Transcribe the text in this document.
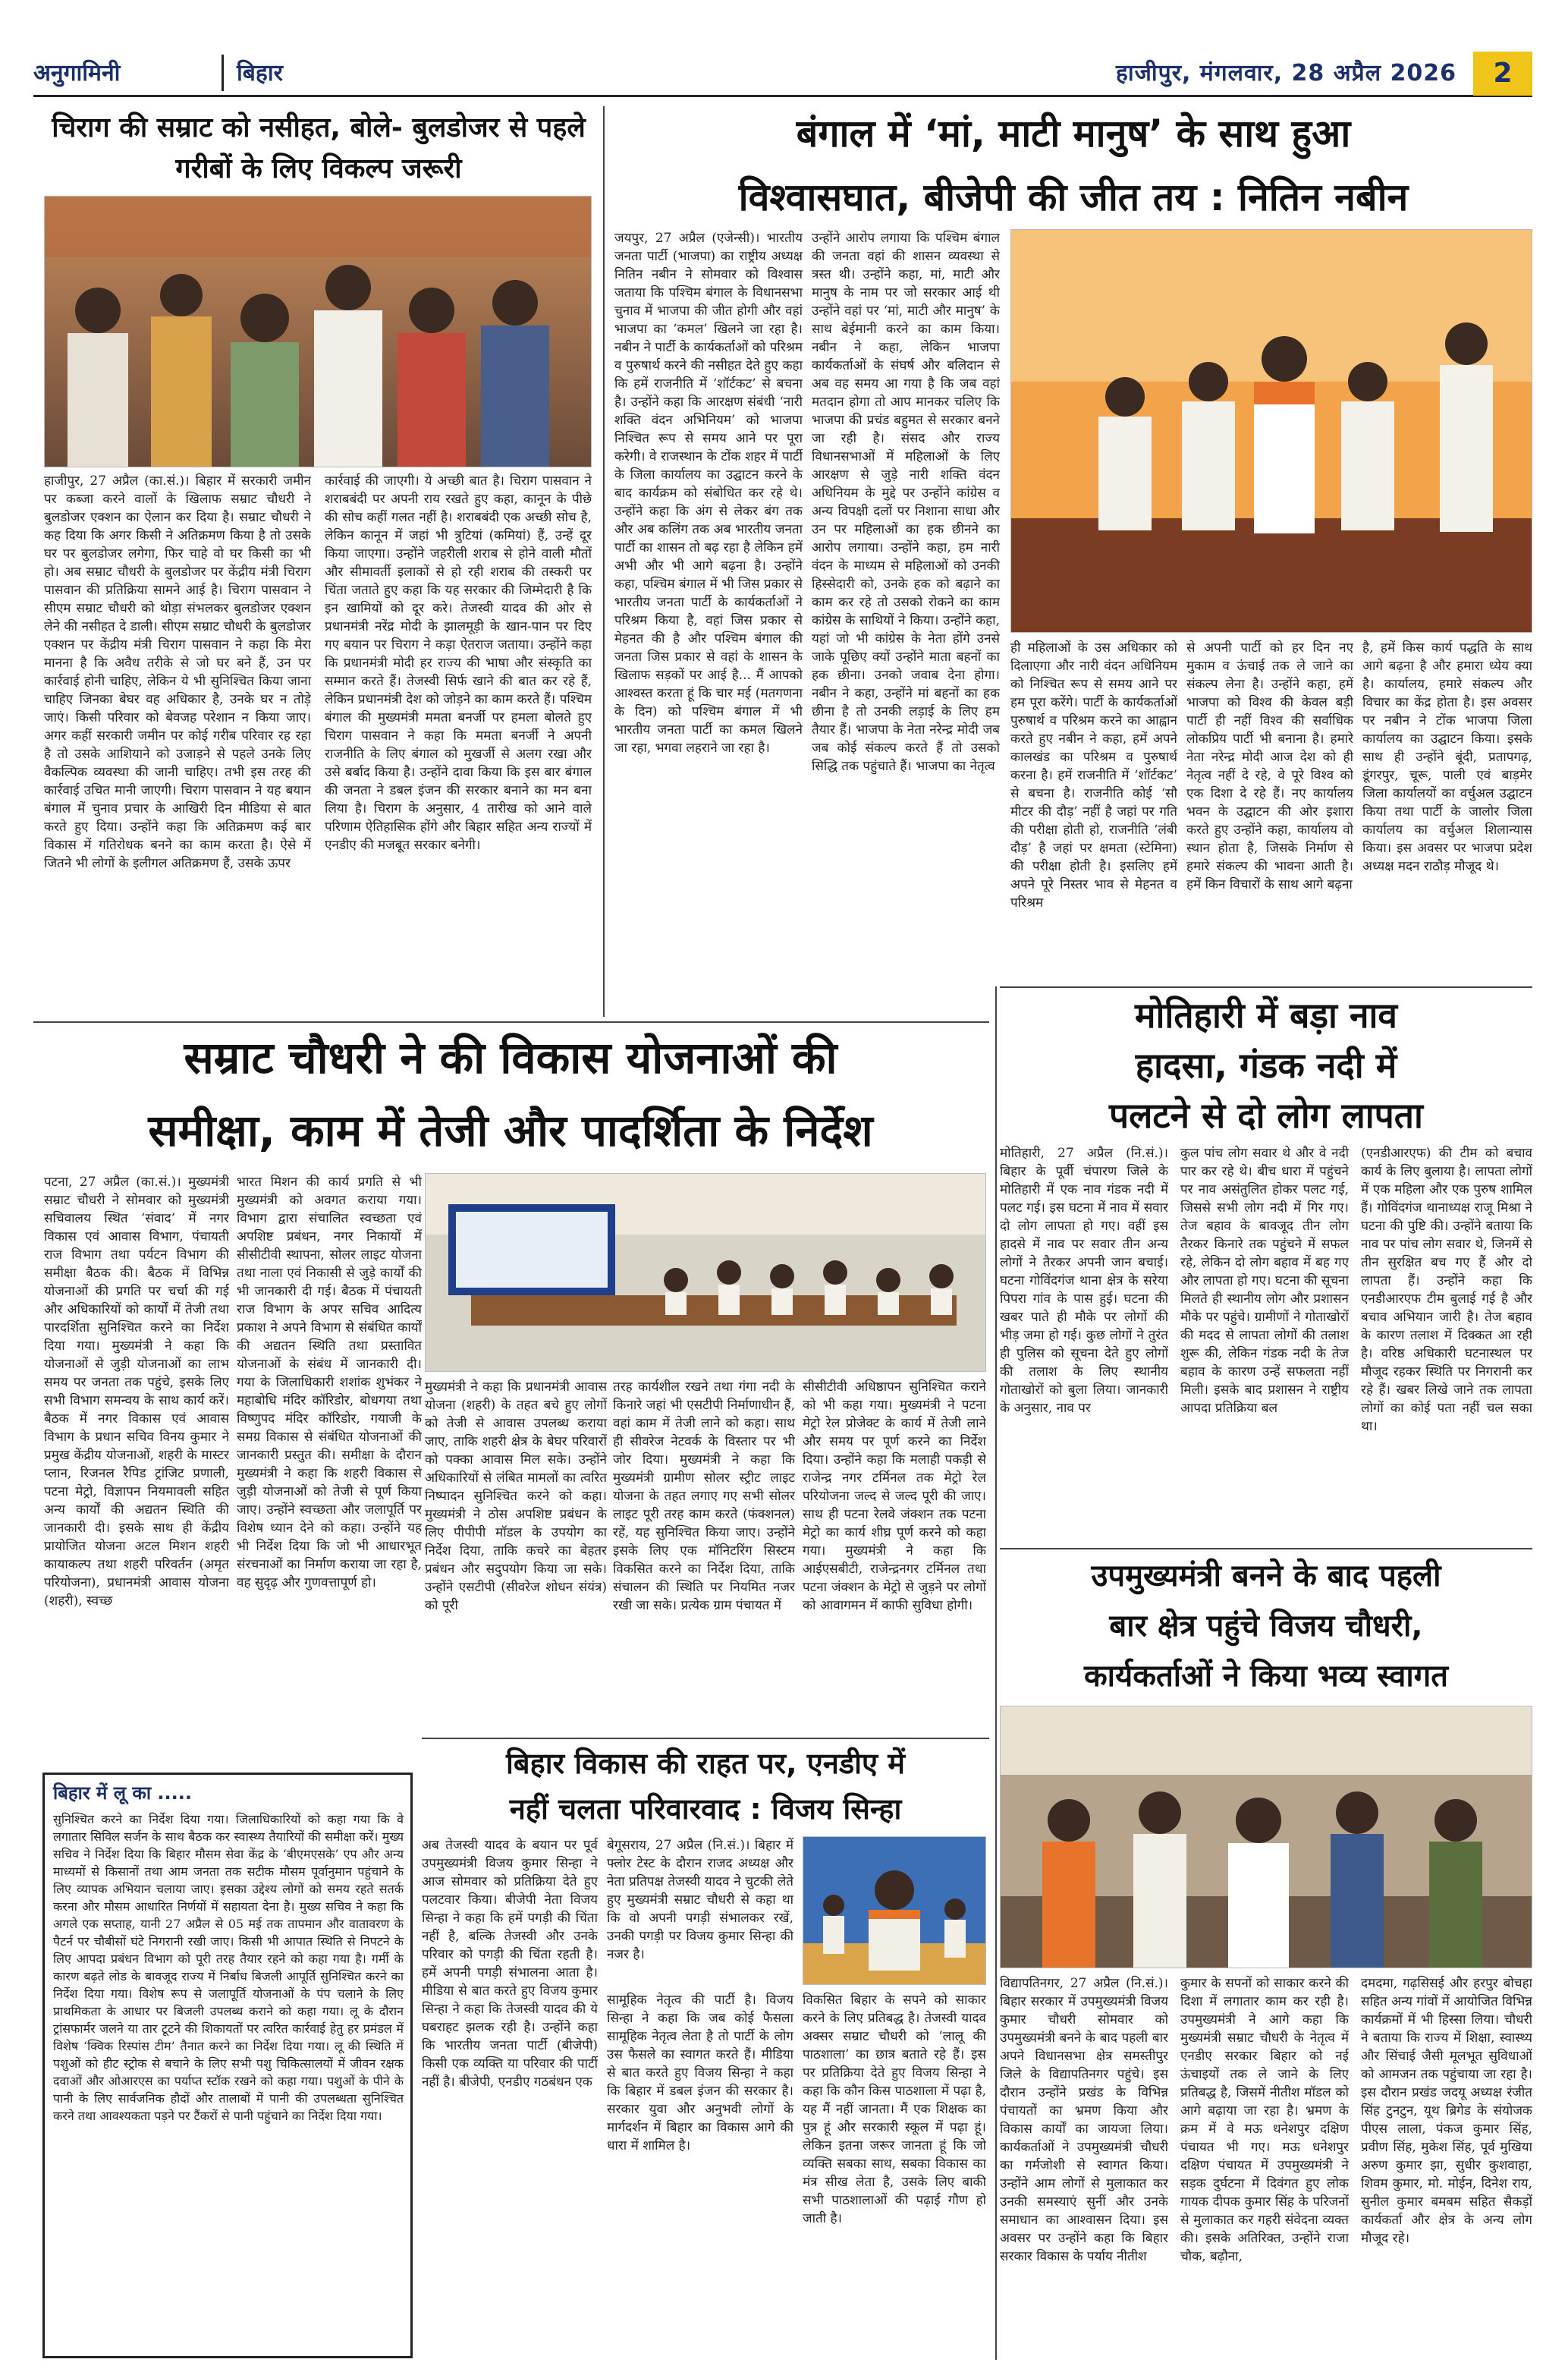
अनुगामिनी	बिहार	हाजीपुर, मंगलवार, 28 अप्रैल 2026	2
चिराग की सम्राट को नसीहत, बोले- बुलडोजर से पहले गरीबों के लिए विकल्प जरूरी
हाजीपुर, 27 अप्रैल (का.सं.)। बिहार में सरकारी जमीन पर कब्जा करने वालों के खिलाफ सम्राट चौधरी ने बुलडोजर एक्शन का ऐलान कर दिया है। सम्राट चौधरी ने कह दिया कि अगर किसी ने अतिक्रमण किया है तो उसके घर पर बुलडोजर लगेगा, फिर चाहे वो घर किसी का भी हो। अब सम्राट चौधरी के बुलडोजर पर केंद्रीय मंत्री चिराग पासवान की प्रतिक्रिया सामने आई है। चिराग पासवान ने सीएम सम्राट चौधरी को थोड़ा संभलकर बुलडोजर एक्शन लेने की नसीहत दे डाली। सीएम सम्राट चौधरी के बुलडोजर एक्शन पर केंद्रीय मंत्री चिराग पासवान ने कहा कि मेरा मानना है कि अवैध तरीके से जो घर बने हैं, उन पर कार्रवाई होनी चाहिए, लेकिन ये भी सुनिश्चित किया जाना चाहिए जिनका बेघर वह अधिकार है, उनके घर न तोड़े जाएं। किसी परिवार को बेवजह परेशान न किया जाए। अगर कहीं सरकारी जमीन पर कोई गरीब परिवार रह रहा है तो उसके आशियाने को उजाड़ने से पहले उनके लिए वैकल्पिक व्यवस्था की जानी चाहिए। तभी इस तरह की कार्रवाई उचित मानी जाएगी। चिराग पासवान ने यह बयान बंगाल में चुनाव प्रचार के आखिरी दिन मीडिया से बात करते हुए दिया। उन्होंने कहा कि अतिक्रमण कई बार विकास में गतिरोधक बनने का काम करता है। ऐसे में जितने भी लोगों के इलीगल अतिक्रमण हैं, उसके ऊपर
कार्रवाई की जाएगी। ये अच्छी बात है। चिराग पासवान ने शराबबंदी पर अपनी राय रखते हुए कहा, कानून के पीछे की सोच कहीं गलत नहीं है। शराबबंदी एक अच्छी सोच है, लेकिन कानून में जहां भी त्रुटियां (कमियां) हैं, उन्हें दूर किया जाएगा। उन्होंने जहरीली शराब से होने वाली मौतों और सीमावर्ती इलाकों से हो रही शराब की तस्करी पर चिंता जताते हुए कहा कि यह सरकार की जिम्मेदारी है कि इन खामियों को दूर करे। तेजस्वी यादव की ओर से प्रधानमंत्री नरेंद्र मोदी के झालमूड़ी के खान-पान पर दिए गए बयान पर चिराग ने कड़ा ऐतराज जताया। उन्होंने कहा कि प्रधानमंत्री मोदी हर राज्य की भाषा और संस्कृति का सम्मान करते हैं। तेजस्वी सिर्फ खाने की बात कर रहे हैं, लेकिन प्रधानमंत्री देश को जोड़ने का काम करते हैं। पश्चिम बंगाल की मुख्यमंत्री ममता बनर्जी पर हमला बोलते हुए चिराग पासवान ने कहा कि ममता बनर्जी ने अपनी राजनीति के लिए बंगाल को मुखर्जी से अलग रखा और उसे बर्बाद किया है। उन्होंने दावा किया कि इस बार बंगाल की जनता ने डबल इंजन की सरकार बनाने का मन बना लिया है। चिराग के अनुसार, 4 तारीख को आने वाले परिणाम ऐतिहासिक होंगे और बिहार सहित अन्य राज्यों में एनडीए की मजबूत सरकार बनेगी।
बंगाल में ‘मां, माटी मानुष’ के साथ हुआ
विश्वासघात, बीजेपी की जीत तय : नितिन नबीन
जयपुर, 27 अप्रैल (एजेन्सी)। भारतीय जनता पार्टी (भाजपा) का राष्ट्रीय अध्यक्ष नितिन नबीन ने सोमवार को विश्वास जताया कि पश्चिम बंगाल के विधानसभा चुनाव में भाजपा की जीत होगी और वहां भाजपा का ‘कमल’ खिलने जा रहा है। नबीन ने पार्टी के कार्यकर्ताओं को परिश्रम व पुरुषार्थ करने की नसीहत देते हुए कहा कि हमें राजनीति में ‘शॉर्टकट’ से बचना है। उन्होंने कहा कि आरक्षण संबंधी ‘नारी शक्ति वंदन अभिनियम’ को भाजपा निश्चित रूप से समय आने पर पूरा करेगी। वे राजस्थान के टोंक शहर में पार्टी के जिला कार्यालय का उद्घाटन करने के बाद कार्यक्रम को संबोधित कर रहे थे। उन्होंने कहा कि अंग से लेकर बंग तक और अब कलिंग तक अब भारतीय जनता पार्टी का शासन तो बढ़ रहा है लेकिन हमें अभी और भी आगे बढ़ना है। उन्होंने कहा, पश्चिम बंगाल में भी जिस प्रकार से भारतीय जनता पार्टी के कार्यकर्ताओं ने परिश्रम किया है, वहां जिस प्रकार से मेहनत की है और पश्चिम बंगाल की जनता जिस प्रकार से वहां के शासन के खिलाफ सड़कों पर आई है... मैं आपको आश्वस्त करता हूं कि चार मई (मतगणना के दिन) को पश्चिम बंगाल में भी भारतीय जनता पार्टी का कमल खिलने जा रहा, भगवा लहराने जा रहा है।
उन्होंने आरोप लगाया कि पश्चिम बंगाल की जनता वहां की शासन व्यवस्था से त्रस्त थी। उन्होंने कहा, मां, माटी और मानुष के नाम पर जो सरकार आई थी उन्होंने वहां पर ‘मां, माटी और मानुष’ के साथ बेईमानी करने का काम किया। नबीन ने कहा, लेकिन भाजपा कार्यकर्ताओं के संघर्ष और बलिदान से अब वह समय आ गया है कि जब वहां मतदान होगा तो आप मानकर चलिए कि भाजपा की प्रचंड बहुमत से सरकार बनने जा रही है। संसद और राज्य विधानसभाओं में महिलाओं के लिए आरक्षण से जुड़े नारी शक्ति वंदन अधिनियम के मुद्दे पर उन्होंने कांग्रेस व अन्य विपक्षी दलों पर निशाना साधा और उन पर महिलाओं का हक छीनने का आरोप लगाया। उन्होंने कहा, हम नारी वंदन के माध्यम से महिलाओं को उनकी हिस्सेदारी को, उनके हक को बढ़ाने का काम कर रहे तो उसको रोकने का काम कांग्रेस के साथियों ने किया। उन्होंने कहा, यहां जो भी कांग्रेस के नेता होंगे उनसे जाके पूछिए क्यों उन्होंने माता बहनों का हक छीना। उनको जवाब देना होगा। नबीन ने कहा, उन्होंने मां बहनों का हक छीना है तो उनकी लड़ाई के लिए हम तैयार हैं। भाजपा के नेता नरेन्द्र मोदी जब जब कोई संकल्प करते हैं तो उसको सिद्धि तक पहुंचाते हैं। भाजपा का नेतृत्व
ही महिलाओं के उस अधिकार को दिलाएगा और नारी वंदन अधिनियम को निश्चित रूप से समय आने पर हम पूरा करेंगे। पार्टी के कार्यकर्ताओं पुरुषार्थ व परिश्रम करने का आह्वान करते हुए नबीन ने कहा, हमें अपने कालखंड का परिश्रम व पुरुषार्थ करना है। हमें राजनीति में ‘शॉर्टकट’ से बचना है। राजनीति कोई ‘सौ मीटर की दौड़’ नहीं है जहां पर गति की परीक्षा होती हो, राजनीति ‘लंबी दौड़’ है जहां पर क्षमता (स्टेमिना) की परीक्षा होती है। इसलिए हमें अपने पूरे निस्तर भाव से मेहनत व परिश्रम
से अपनी पार्टी को हर दिन नए मुकाम व ऊंचाई तक ले जाने का संकल्प लेना है। उन्होंने कहा, हमें भाजपा को विश्व की केवल बड़ी पार्टी ही नहीं विश्व की सर्वाधिक लोकप्रिय पार्टी भी बनाना है। हमारे नेता नरेन्द्र मोदी आज देश को ही नेतृत्व नहीं दे रहे, वे पूरे विश्व को एक दिशा दे रहे हैं। नए कार्यालय भवन के उद्घाटन की ओर इशारा करते हुए उन्होंने कहा, कार्यालय वो स्थान होता है, जिसके निर्माण से हमारे संकल्प की भावना आती है। हमें किन विचारों के साथ आगे बढ़ना
है, हमें किस कार्य पद्धति के साथ आगे बढ़ना है और हमारा ध्येय क्या है। कार्यालय, हमारे संकल्प और विचार का केंद्र होता है। इस अवसर पर नबीन ने टोंक भाजपा जिला कार्यालय का उद्घाटन किया। इसके साथ ही उन्होंने बूंदी, प्रतापगढ़, डूंगरपुर, चूरू, पाली एवं बाड़मेर जिला कार्यालयों का वर्चुअल उद्घाटन किया तथा पार्टी के जालोर जिला कार्यालय का वर्चुअल शिलान्यास किया। इस अवसर पर भाजपा प्रदेश अध्यक्ष मदन राठौड़ मौजूद थे।
सम्राट चौधरी ने की विकास योजनाओं की
समीक्षा, काम में तेजी और पादर्शिता के निर्देश
पटना, 27 अप्रैल (का.सं.)। मुख्यमंत्री सम्राट चौधरी ने सोमवार को मुख्यमंत्री सचिवालय स्थित ‘संवाद’ में नगर विकास एवं आवास विभाग, पंचायती राज विभाग तथा पर्यटन विभाग की समीक्षा बैठक की। बैठक में विभिन्न योजनाओं की प्रगति पर चर्चा की गई और अधिकारियों को कार्यों में तेजी तथा पारदर्शिता सुनिश्चित करने का निर्देश दिया गया। मुख्यमंत्री ने कहा कि योजनाओं से जुड़ी योजनाओं का लाभ समय पर जनता तक पहुंचे, इसके लिए सभी विभाग समन्वय के साथ कार्य करें। बैठक में नगर विकास एवं आवास विभाग के प्रधान सचिव विनय कुमार ने प्रमुख केंद्रीय योजनाओं, शहरी के मास्टर प्लान, रिजनल रैपिड ट्रांजिट प्रणाली, पटना मेट्रो, विज्ञापन नियमावली सहित अन्य कार्यों की अद्यतन स्थिति की जानकारी दी। इसके साथ ही केंद्रीय प्रायोजित योजना अटल मिशन शहरी कायाकल्प तथा शहरी परिवर्तन (अमृत परियोजना), प्रधानमंत्री आवास योजना (शहरी), स्वच्छ
भारत मिशन की कार्य प्रगति से भी मुख्यमंत्री को अवगत कराया गया। विभाग द्वारा संचालित स्वच्छता एवं अपशिष्ट प्रबंधन, नगर निकायों में सीसीटीवी स्थापना, सोलर लाइट योजना तथा नाला एवं निकासी से जुड़े कार्यों की भी जानकारी दी गई। बैठक में पंचायती राज विभाग के अपर सचिव आदित्य प्रकाश ने अपने विभाग से संबंधित कार्यों की अद्यतन स्थिति तथा प्रस्तावित योजनाओं के संबंध में जानकारी दी। गया के जिलाधिकारी शशांक शुभंकर ने महाबोधि मंदिर कॉरिडोर, बोधगया तथा विष्णुपद मंदिर कॉरिडोर, गयाजी के समग्र विकास से संबंधित योजनाओं की जानकारी प्रस्तुत की। समीक्षा के दौरान मुख्यमंत्री ने कहा कि शहरी विकास से जुड़ी योजनाओं को तेजी से पूर्ण किया जाए। उन्होंने स्वच्छता और जलापूर्ति पर विशेष ध्यान देने को कहा। उन्होंने यह भी निर्देश दिया कि जो भी आधारभूत संरचनाओं का निर्माण कराया जा रहा है, वह सुदृढ़ और गुणवत्तापूर्ण हो।
मुख्यमंत्री ने कहा कि प्रधानमंत्री आवास योजना (शहरी) के तहत बचे हुए लोगों को तेजी से आवास उपलब्ध कराया जाए, ताकि शहरी क्षेत्र के बेघर परिवारों को पक्का आवास मिल सके। उन्होंने अधिकारियों से लंबित मामलों का त्वरित निष्पादन सुनिश्चित करने को कहा। मुख्यमंत्री ने ठोस अपशिष्ट प्रबंधन के लिए पीपीपी मॉडल के उपयोग का निर्देश दिया, ताकि कचरे का बेहतर प्रबंधन और सदुपयोग किया जा सके। उन्होंने एसटीपी (सीवरेज शोधन संयंत्र) को पूरी
तरह कार्यशील रखने तथा गंगा नदी के किनारे जहां भी एसटीपी निर्माणाधीन हैं, वहां काम में तेजी लाने को कहा। साथ ही सीवरेज नेटवर्क के विस्तार पर भी जोर दिया। मुख्यमंत्री ने कहा कि मुख्यमंत्री ग्रामीण सोलर स्ट्रीट लाइट योजना के तहत लगाए गए सभी सोलर लाइट पूरी तरह काम करते (फंक्शनल) रहें, यह सुनिश्चित किया जाए। उन्होंने इसके लिए एक मॉनिटरिंग सिस्टम विकसित करने का निर्देश दिया, ताकि संचालन की स्थिति पर नियमित नजर रखी जा सके। प्रत्येक ग्राम पंचायत में
सीसीटीवी अधिष्ठापन सुनिश्चित कराने को भी कहा गया। मुख्यमंत्री ने पटना मेट्रो रेल प्रोजेक्ट के कार्य में तेजी लाने और समय पर पूर्ण करने का निर्देश दिया। उन्होंने कहा कि मलाही पकड़ी से राजेन्द्र नगर टर्मिनल तक मेट्रो रेल परियोजना जल्द से जल्द पूरी की जाए। साथ ही पटना रेलवे जंक्शन तक पटना मेट्रो का कार्य शीघ्र पूर्ण करने को कहा गया। मुख्यमंत्री ने कहा कि आईएसबीटी, राजेन्द्रनगर टर्मिनल तथा पटना जंक्शन के मेट्रो से जुड़ने पर लोगों को आवागमन में काफी सुविधा होगी।
बिहार में लू का .....
सुनिश्चित करने का निर्देश दिया गया। जिलाधिकारियों को कहा गया कि वे लगातार सिविल सर्जन के साथ बैठक कर स्वास्थ्य तैयारियों की समीक्षा करें। मुख्य सचिव ने निर्देश दिया कि बिहार मौसम सेवा केंद्र के ‘बीएमएसके’ एप और अन्य माध्यमों से किसानों तथा आम जनता तक सटीक मौसम पूर्वानुमान पहुंचाने के लिए व्यापक अभियान चलाया जाए। इसका उद्देश्य लोगों को समय रहते सतर्क करना और मौसम आधारित निर्णयों में सहायता देना है। मुख्य सचिव ने कहा कि अगले एक सप्ताह, यानी 27 अप्रैल से 05 मई तक तापमान और वातावरण के पैटर्न पर चौबीसों घंटे निगरानी रखी जाए। किसी भी आपात स्थिति से निपटने के लिए आपदा प्रबंधन विभाग को पूरी तरह तैयार रहने को कहा गया है। गर्मी के कारण बढ़ते लोड के बावजूद राज्य में निर्बाध बिजली आपूर्ति सुनिश्चित करने का निर्देश दिया गया। विशेष रूप से जलापूर्ति योजनाओं के पंप चलाने के लिए प्राथमिकता के आधार पर बिजली उपलब्ध कराने को कहा गया। लू के दौरान ट्रांसफार्मर जलने या तार टूटने की शिकायतों पर त्वरित कार्रवाई हेतु हर प्रमंडल में विशेष ‘क्विक रिस्पांस टीम’ तैनात करने का निर्देश दिया गया। लू की स्थिति में पशुओं को हीट स्ट्रोक से बचाने के लिए सभी पशु चिकित्सालयों में जीवन रक्षक दवाओं और ओआरएस का पर्याप्त स्टॉक रखने को कहा गया। पशुओं के पीने के पानी के लिए सार्वजनिक हौदों और तालाबों में पानी की उपलब्धता सुनिश्चित करने तथा आवश्यकता पड़ने पर टैंकरों से पानी पहुंचाने का निर्देश दिया गया।
बिहार विकास की राहत पर, एनडीए में
नहीं चलता परिवारवाद : विजय सिन्हा
अब तेजस्वी यादव के बयान पर पूर्व उपमुख्यमंत्री विजय कुमार सिन्हा ने आज सोमवार को प्रतिक्रिया देते हुए पलटवार किया। बीजेपी नेता विजय सिन्हा ने कहा कि हमें पगड़ी की चिंता नहीं है, बल्कि तेजस्वी और उनके परिवार को पगड़ी की चिंता रहती है। हमें अपनी पगड़ी संभालना आता है। मीडिया से बात करते हुए विजय कुमार सिन्हा ने कहा कि तेजस्वी यादव की ये घबराहट झलक रही है। उन्होंने कहा कि भारतीय जनता पार्टी (बीजेपी) किसी एक व्यक्ति या परिवार की पार्टी नहीं है। बीजेपी, एनडीए गठबंधन एक
बेगूसराय, 27 अप्रैल (नि.सं.)। बिहार में फ्लोर टेस्ट के दौरान राजद अध्यक्ष और नेता प्रतिपक्ष तेजस्वी यादव ने चुटकी लेते हुए मुख्यमंत्री सम्राट चौधरी से कहा था कि वो अपनी पगड़ी संभालकर रखें, उनकी पगड़ी पर विजय कुमार सिन्हा की नजर है।
सामूहिक नेतृत्व की पार्टी है। विजय सिन्हा ने कहा कि जब कोई फैसला सामूहिक नेतृत्व लेता है तो पार्टी के लोग उस फैसले का स्वागत करते हैं। मीडिया से बात करते हुए विजय सिन्हा ने कहा कि बिहार में डबल इंजन की सरकार है। सरकार युवा और अनुभवी लोगों के मार्गदर्शन में बिहार का विकास आगे की धारा में शामिल है।
विकसित बिहार के सपने को साकार करने के लिए प्रतिबद्ध है। तेजस्वी यादव अक्सर सम्राट चौधरी को ‘लालू की पाठशाला’ का छात्र बताते रहे हैं। इस पर प्रतिक्रिया देते हुए विजय सिन्हा ने कहा कि कौन किस पाठशाला में पढ़ा है, यह मैं नहीं जानता। मैं एक शिक्षक का पुत्र हूं और सरकारी स्कूल में पढ़ा हूं। लेकिन इतना जरूर जानता हूं कि जो व्यक्ति सबका साथ, सबका विकास का मंत्र सीख लेता है, उसके लिए बाकी सभी पाठशालाओं की पढ़ाई गौण हो जाती है।
मोतिहारी में बड़ा नाव
हादसा, गंडक नदी में
पलटने से दो लोग लापता
मोतिहारी, 27 अप्रैल (नि.सं.)। बिहार के पूर्वी चंपारण जिले के मोतिहारी में एक नाव गंडक नदी में पलट गई। इस घटना में नाव में सवार दो लोग लापता हो गए। वहीं इस हादसे में नाव पर सवार तीन अन्य लोगों ने तैरकर अपनी जान बचाई। घटना गोविंदगंज थाना क्षेत्र के सरेया पिपरा गांव के पास हुई। घटना की खबर पाते ही मौके पर लोगों की भीड़ जमा हो गई। कुछ लोगों ने तुरंत ही पुलिस को सूचना देते हुए लोगों की तलाश के लिए स्थानीय गोताखोरों को बुला लिया। जानकारी के अनुसार, नाव पर
कुल पांच लोग सवार थे और वे नदी पार कर रहे थे। बीच धारा में पहुंचने पर नाव असंतुलित होकर पलट गई, जिससे सभी लोग नदी में गिर गए। तेज बहाव के बावजूद तीन लोग तैरकर किनारे तक पहुंचने में सफल रहे, लेकिन दो लोग बहाव में बह गए और लापता हो गए। घटना की सूचना मिलते ही स्थानीय लोग और प्रशासन मौके पर पहुंचे। ग्रामीणों ने गोताखोरों की मदद से लापता लोगों की तलाश शुरू की, लेकिन गंडक नदी के तेज बहाव के कारण उन्हें सफलता नहीं मिली। इसके बाद प्रशासन ने राष्ट्रीय आपदा प्रतिक्रिया बल
(एनडीआरएफ) की टीम को बचाव कार्य के लिए बुलाया है। लापता लोगों में एक महिला और एक पुरुष शामिल हैं। गोविंदगंज थानाध्यक्ष राजू मिश्रा ने घटना की पुष्टि की। उन्होंने बताया कि नाव पर पांच लोग सवार थे, जिनमें से तीन सुरक्षित बच गए हैं और दो लापता हैं। उन्होंने कहा कि एनडीआरएफ टीम बुलाई गई है और बचाव अभियान जारी है। तेज बहाव के कारण तलाश में दिक्कत आ रही है। वरिष्ठ अधिकारी घटनास्थल पर मौजूद रहकर स्थिति पर निगरानी कर रहे हैं। खबर लिखे जाने तक लापता लोगों का कोई पता नहीं चल सका था।
उपमुख्यमंत्री बनने के बाद पहली
बार क्षेत्र पहुंचे विजय चौधरी,
कार्यकर्ताओं ने किया भव्य स्वागत
विद्यापतिनगर, 27 अप्रैल (नि.सं.)। बिहार सरकार में उपमुख्यमंत्री विजय कुमार चौधरी सोमवार को उपमुख्यमंत्री बनने के बाद पहली बार अपने विधानसभा क्षेत्र समस्तीपुर जिले के विद्यापतिनगर पहुंचे। इस दौरान उन्होंने प्रखंड के विभिन्न पंचायतों का भ्रमण किया और विकास कार्यों का जायजा लिया। कार्यकर्ताओं ने उपमुख्यमंत्री चौधरी का गर्मजोशी से स्वागत किया। उन्होंने आम लोगों से मुलाकात कर उनकी समस्याएं सुनीं और उनके समाधान का आश्वासन दिया। इस अवसर पर उन्होंने कहा कि बिहार सरकार विकास के पर्याय नीतीश
कुमार के सपनों को साकार करने की दिशा में लगातार काम कर रही है। उपमुख्यमंत्री ने आगे कहा कि मुख्यमंत्री सम्राट चौधरी के नेतृत्व में एनडीए सरकार बिहार को नई ऊंचाइयों तक ले जाने के लिए प्रतिबद्ध है, जिसमें नीतीश मॉडल को आगे बढ़ाया जा रहा है। भ्रमण के क्रम में वे मऊ धनेशपुर दक्षिण पंचायत भी गए। मऊ धनेशपुर दक्षिण पंचायत में उपमुख्यमंत्री ने सड़क दुर्घटना में दिवंगत हुए लोक गायक दीपक कुमार सिंह के परिजनों से मुलाकात कर गहरी संवेदना व्यक्त की। इसके अतिरिक्त, उन्होंने राजा चौक, बढ़ौना,
दमदमा, गढ़सिसई और हरपुर बोचहा सहित अन्य गांवों में आयोजित विभिन्न कार्यक्रमों में भी हिस्सा लिया। चौधरी ने बताया कि राज्य में शिक्षा, स्वास्थ्य और सिंचाई जैसी मूलभूत सुविधाओं को आमजन तक पहुंचाया जा रहा है। इस दौरान प्रखंड जदयू अध्यक्ष रंजीत सिंह टुनटुन, यूथ ब्रिगेड के संयोजक पीएस लाला, पंकज कुमार सिंह, प्रवीण सिंह, मुकेश सिंह, पूर्व मुखिया अरुण कुमार झा, सुधीर कुशवाहा, शिवम कुमार, मो. मोईन, दिनेश राय, सुनील कुमार बमबम सहित सैकड़ों कार्यकर्ता और क्षेत्र के अन्य लोग मौजूद रहे।
